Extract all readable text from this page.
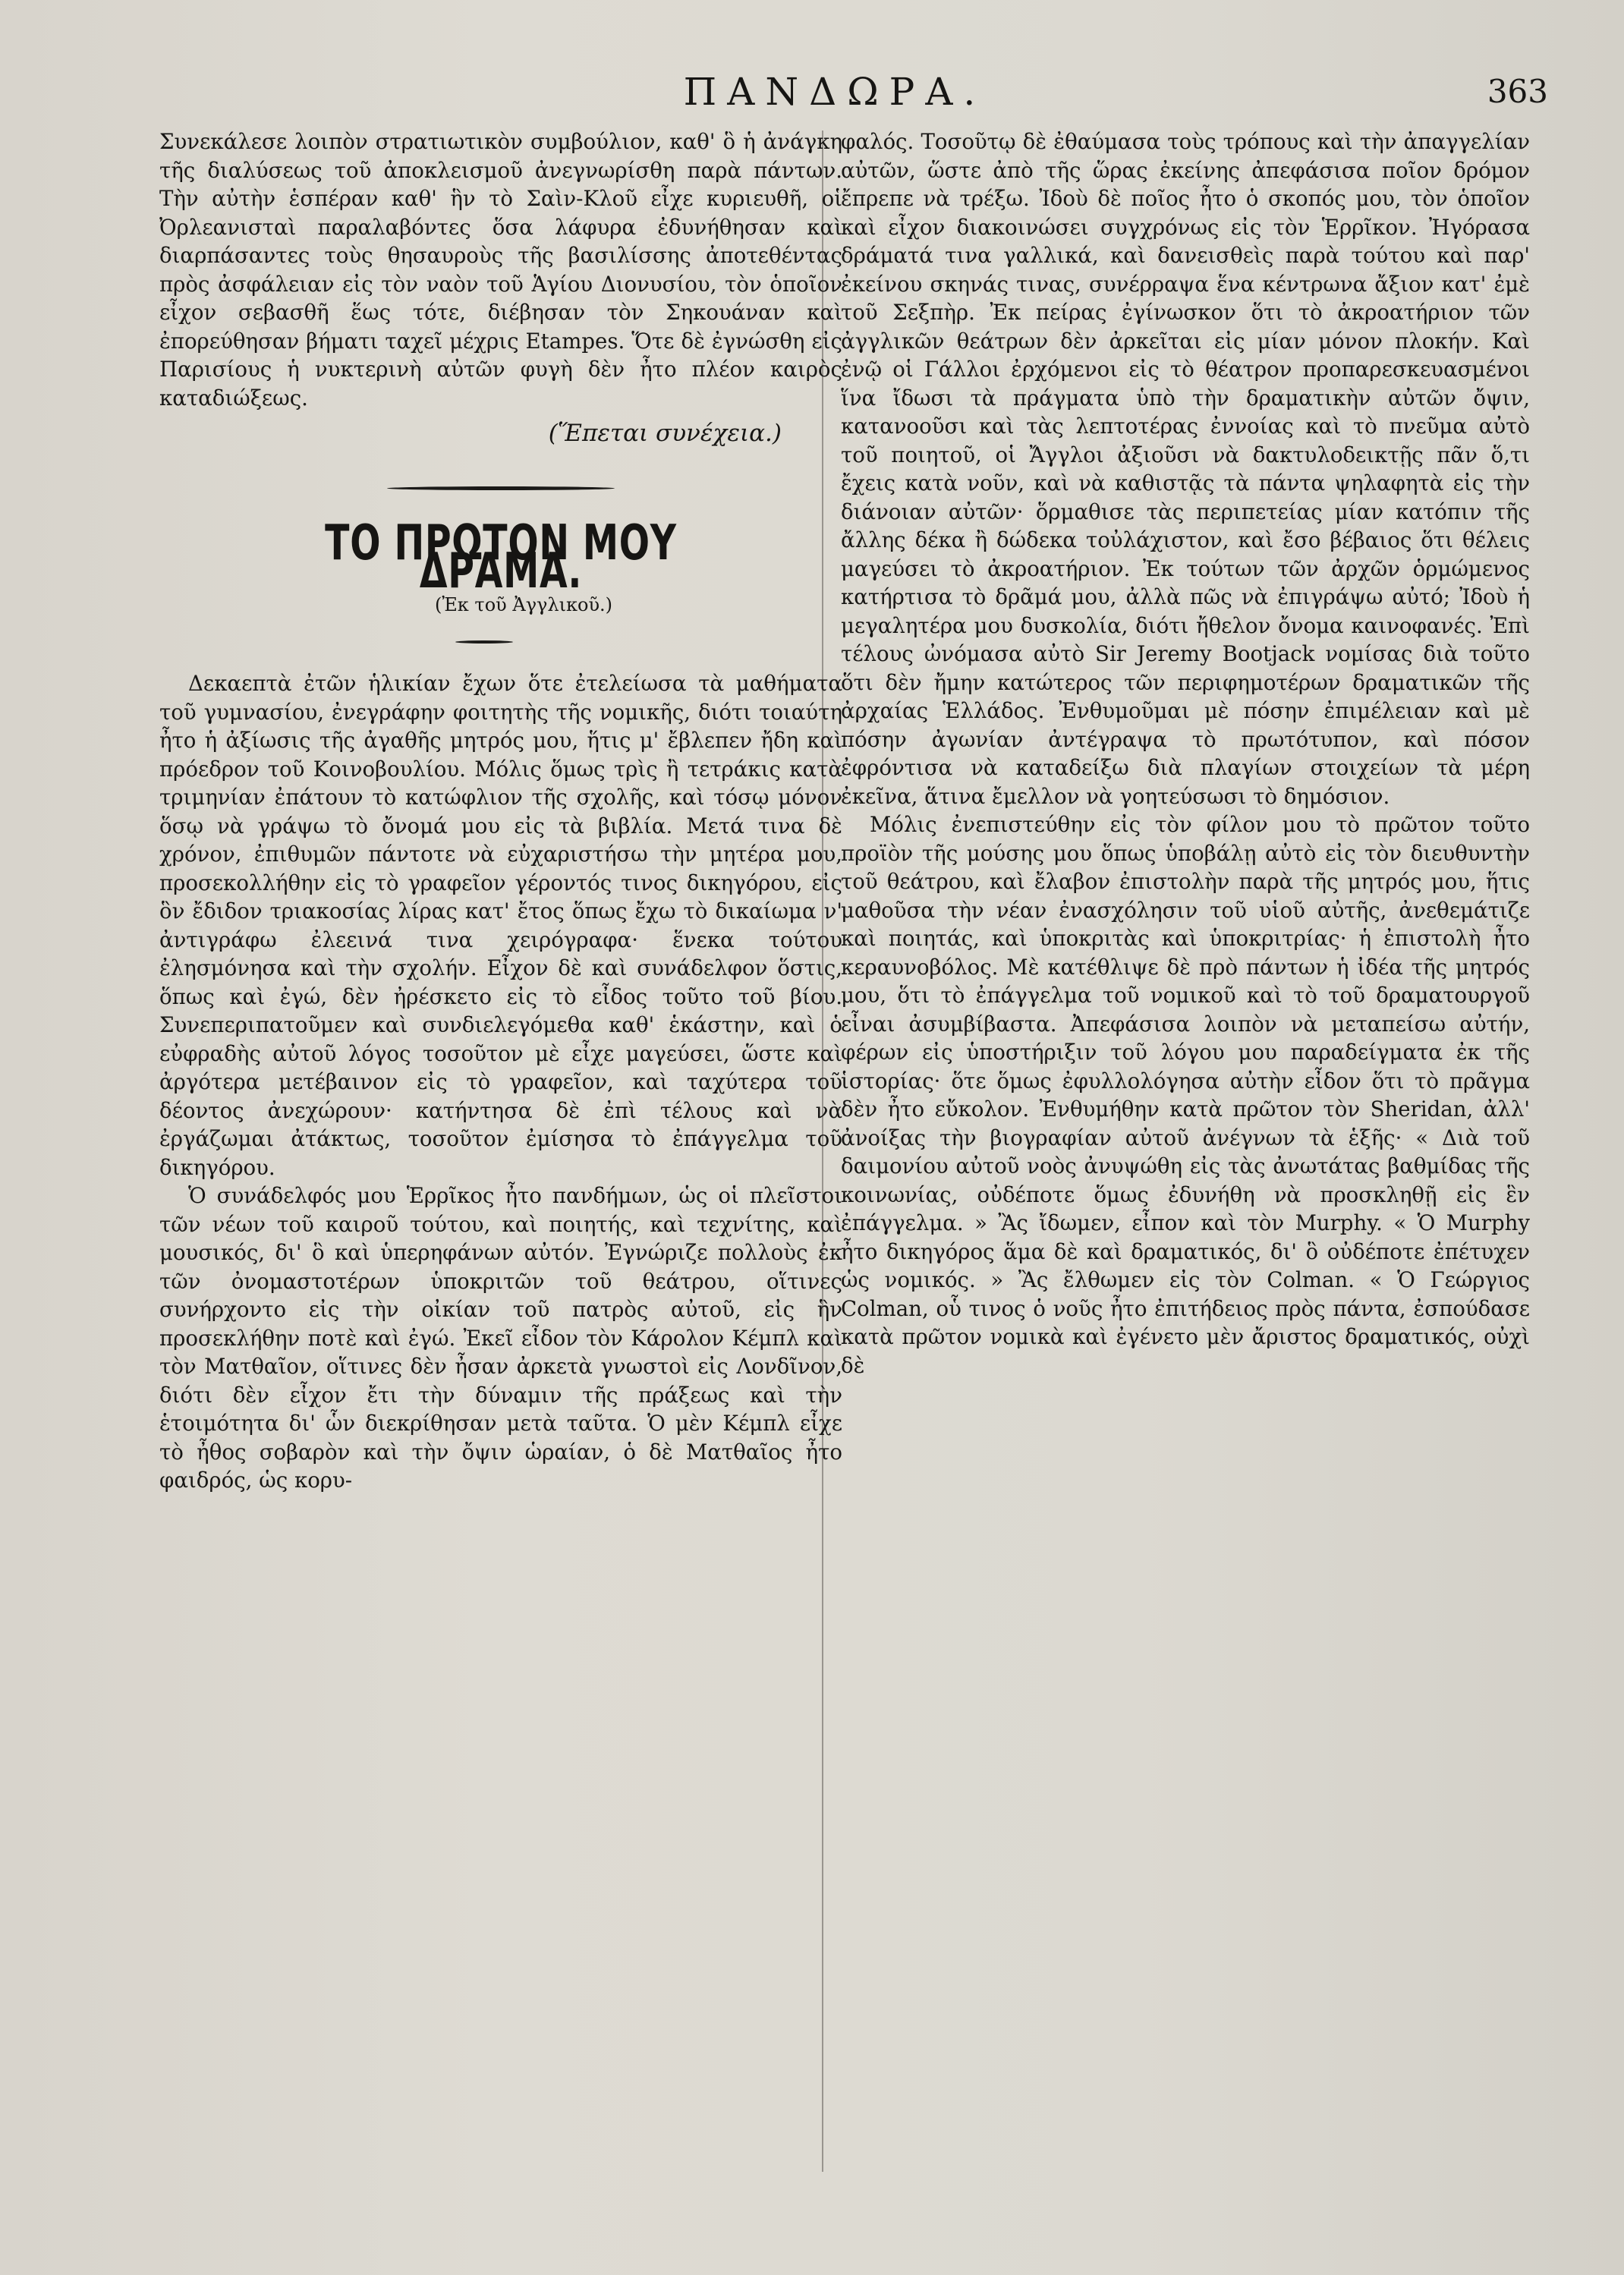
ΠΑΝΔΩΡΑ.	363

Συνεκάλεσε λοιπὸν στρατιωτικὸν συμβούλιον, καθ' ὃ ἡ ἀνάγκη τῆς διαλύσεως τοῦ ἀποκλεισμοῦ ἀνεγνωρίσθη παρὰ πάντων. Τὴν αὐτὴν ἑσπέραν καθ' ἣν τὸ Σαὶν-Κλοῦ εἶχε κυριευθῆ, οἱ Ὀρλεανισταὶ παραλαβόντες ὅσα λάφυρα ἐδυνήθησαν καὶ διαρπάσαντες τοὺς θησαυροὺς τῆς βασιλίσσης ἀποτεθέντας πρὸς ἀσφάλειαν εἰς τὸν ναὸν τοῦ Ἁγίου Διονυσίου, τὸν ὁποῖον εἶχον σεβασθῆ ἕως τότε, διέβησαν τὸν Σηκουάναν καὶ ἐπορεύθησαν βήματι ταχεῖ μέχρις Etampes. Ὅτε δὲ ἐγνώσθη εἰς Παρισίους ἡ νυκτερινὴ αὐτῶν φυγὴ δὲν ἦτο πλέον καιρὸς καταδιώξεως.

(Ἕπεται συνέχεια.)
ΤΟ ΠΡΩΤΟΝ ΜΟΥ ΔΡΑΜΑ.
(Ἐκ τοῦ Ἀγγλικοῦ.)

Δεκαεπτὰ ἐτῶν ἡλικίαν ἔχων ὅτε ἐτελείωσα τὰ μαθήματα τοῦ γυμνασίου, ἐνεγράφην φοιτητὴς τῆς νομικῆς, διότι τοιαύτη ἦτο ἡ ἀξίωσις τῆς ἀγαθῆς μητρός μου, ἥτις μ' ἔβλεπεν ἤδη καὶ πρόεδρον τοῦ Κοινοβουλίου. Μόλις ὅμως τρὶς ἢ τετράκις κατὰ τριμηνίαν ἐπάτουν τὸ κατώφλιον τῆς σχολῆς, καὶ τόσῳ μόνον ὅσῳ νὰ γράψω τὸ ὄνομά μου εἰς τὰ βιβλία. Μετά τινα δὲ χρόνον, ἐπιθυμῶν πάντοτε νὰ εὐχαριστήσω τὴν μητέρα μου, προσεκολλήθην εἰς τὸ γραφεῖον γέροντός τινος δικηγόρου, εἰς ὃν ἔδιδον τριακοσίας λίρας κατ' ἔτος ὅπως ἔχω τὸ δικαίωμα ν' ἀντιγράφω ἐλεεινά τινα χειρόγραφα· ἕνεκα τούτου ἐλησμόνησα καὶ τὴν σχολήν. Εἶχον δὲ καὶ συνάδελφον ὅστις, ὅπως καὶ ἐγώ, δὲν ἠρέσκετο εἰς τὸ εἶδος τοῦτο τοῦ βίου. Συνεπεριπατοῦμεν καὶ συνδιελεγόμεθα καθ' ἑκάστην, καὶ ὁ εὐφραδὴς αὐτοῦ λόγος τοσοῦτον μὲ εἶχε μαγεύσει, ὥστε καὶ ἀργότερα μετέβαινον εἰς τὸ γραφεῖον, καὶ ταχύτερα τοῦ δέοντος ἀνεχώρουν· κατήντησα δὲ ἐπὶ τέλους καὶ νὰ ἐργάζωμαι ἀτάκτως, τοσοῦτον ἐμίσησα τὸ ἐπάγγελμα τοῦ δικηγόρου.

Ὁ συνάδελφός μου Ἑρρῖκος ἦτο πανδήμων, ὡς οἱ πλεῖστοι τῶν νέων τοῦ καιροῦ τούτου, καὶ ποιητής, καὶ τεχνίτης, καὶ μουσικός, δι' ὃ καὶ ὑπερηφάνων αὐτόν. Ἐγνώριζε πολλοὺς ἐκ τῶν ὀνομαστοτέρων ὑποκριτῶν τοῦ θεάτρου, οἵτινες συνήρχοντο εἰς τὴν οἰκίαν τοῦ πατρὸς αὐτοῦ, εἰς ἣν προσεκλήθην ποτὲ καὶ ἐγώ. Ἐκεῖ εἶδον τὸν Κάρολον Κέμπλ καὶ τὸν Ματθαῖον, οἵτινες δὲν ἦσαν ἀρκετὰ γνωστοὶ εἰς Λονδῖνον, διότι δὲν εἶχον ἔτι τὴν δύναμιν τῆς πράξεως καὶ τὴν ἑτοιμότητα δι' ὧν διεκρίθησαν μετὰ ταῦτα. Ὁ μὲν Κέμπλ εἶχε τὸ ἦθος σοβαρὸν καὶ τὴν ὄψιν ὡραίαν, ὁ δὲ Ματθαῖος ἦτο φαιδρός, ὡς κορυ-

φαλός. Τοσοῦτῳ δὲ ἐθαύμασα τοὺς τρόπους καὶ τὴν ἀπαγγελίαν αὐτῶν, ὥστε ἀπὸ τῆς ὥρας ἐκείνης ἀπεφάσισα ποῖον δρόμον ἔπρεπε νὰ τρέξω. Ἰδοὺ δὲ ποῖος ἦτο ὁ σκοπός μου, τὸν ὁποῖον καὶ εἶχον διακοινώσει συγχρόνως εἰς τὸν Ἑρρῖκον. Ἠγόρασα δράματά τινα γαλλικά, καὶ δανεισθεὶς παρὰ τούτου καὶ παρ' ἐκείνου σκηνάς τινας, συνέρραψα ἕνα κέντρωνα ἄξιον κατ' ἐμὲ τοῦ Σεξπὴρ. Ἐκ πείρας ἐγίνωσκον ὅτι τὸ ἀκροατήριον τῶν ἀγγλικῶν θεάτρων δὲν ἀρκεῖται εἰς μίαν μόνον πλοκήν. Καὶ ἐνῷ οἱ Γάλλοι ἐρχόμενοι εἰς τὸ θέατρον προπαρεσκευασμένοι ἵνα ἴδωσι τὰ πράγματα ὑπὸ τὴν δραματικὴν αὐτῶν ὄψιν, κατανοοῦσι καὶ τὰς λεπτοτέρας ἐννοίας καὶ τὸ πνεῦμα αὐτὸ τοῦ ποιητοῦ, οἱ Ἄγγλοι ἀξιοῦσι νὰ δακτυλοδεικτῇς πᾶν ὅ,τι ἔχεις κατὰ νοῦν, καὶ νὰ καθιστᾷς τὰ πάντα ψηλαφητὰ εἰς τὴν διάνοιαν αὐτῶν· ὅρμαθισε τὰς περιπετείας μίαν κατόπιν τῆς ἄλλης δέκα ἢ δώδεκα τοὐλάχιστον, καὶ ἔσο βέβαιος ὅτι θέλεις μαγεύσει τὸ ἀκροατήριον. Ἐκ τούτων τῶν ἀρχῶν ὁρμώμενος κατήρτισα τὸ δρᾶμά μου, ἀλλὰ πῶς νὰ ἐπιγράψω αὐτό; Ἰδοὺ ἡ μεγαλητέρα μου δυσκολία, διότι ἤθελον ὄνομα καινοφανές. Ἐπὶ τέλους ὠνόμασα αὐτὸ Sir Jeremy Bootjack νομίσας διὰ τοῦτο ὅτι δὲν ἤμην κατώτερος τῶν περιφημοτέρων δραματικῶν τῆς ἀρχαίας Ἑλλάδος. Ἐνθυμοῦμαι μὲ πόσην ἐπιμέλειαν καὶ μὲ πόσην ἀγωνίαν ἀντέγραψα τὸ πρωτότυπον, καὶ πόσον ἐφρόντισα νὰ καταδείξω διὰ πλαγίων στοιχείων τὰ μέρη ἐκεῖνα, ἅτινα ἔμελλον νὰ γοητεύσωσι τὸ δημόσιον.

Μόλις ἐνεπιστεύθην εἰς τὸν φίλον μου τὸ πρῶτον τοῦτο προϊὸν τῆς μούσης μου ὅπως ὑποβάλῃ αὐτὸ εἰς τὸν διευθυντὴν τοῦ θεάτρου, καὶ ἔλαβον ἐπιστολὴν παρὰ τῆς μητρός μου, ἥτις μαθοῦσα τὴν νέαν ἐνασχόλησιν τοῦ υἱοῦ αὐτῆς, ἀνεθεμάτιζε καὶ ποιητάς, καὶ ὑποκριτὰς καὶ ὑποκριτρίας· ἡ ἐπιστολὴ ἦτο κεραυνοβόλος. Μὲ κατέθλιψε δὲ πρὸ πάντων ἡ ἰδέα τῆς μητρός μου, ὅτι τὸ ἐπάγγελμα τοῦ νομικοῦ καὶ τὸ τοῦ δραματουργοῦ εἶναι ἀσυμβίβαστα. Ἀπεφάσισα λοιπὸν νὰ μεταπείσω αὐτήν, φέρων εἰς ὑποστήριξιν τοῦ λόγου μου παραδείγματα ἐκ τῆς ἱστορίας· ὅτε ὅμως ἐφυλλολόγησα αὐτὴν εἶδον ὅτι τὸ πρᾶγμα δὲν ἦτο εὔκολον. Ἐνθυμήθην κατὰ πρῶτον τὸν Sheridan, ἀλλ' ἀνοίξας τὴν βιογραφίαν αὐτοῦ ἀνέγνων τὰ ἑξῆς· « Διὰ τοῦ δαιμονίου αὐτοῦ νοὸς ἀνυψώθη εἰς τὰς ἀνωτάτας βαθμίδας τῆς κοινωνίας, οὐδέποτε ὅμως ἐδυνήθη νὰ προσκληθῇ εἰς ἓν ἐπάγγελμα. » Ἂς ἴδωμεν, εἶπον καὶ τὸν Murphy. « Ὁ Murphy ἦτο δικηγόρος ἅμα δὲ καὶ δραματικός, δι' ὃ οὐδέποτε ἐπέτυχεν ὡς νομικός. » Ἂς ἔλθωμεν εἰς τὸν Colman. « Ὁ Γεώργιος Colman, οὗ τινος ὁ νοῦς ἦτο ἐπιτήδειος πρὸς πάντα, ἐσπούδασε κατὰ πρῶτον νομικὰ καὶ ἐγένετο μὲν ἄριστος δραματικός, οὐχὶ δὲ
